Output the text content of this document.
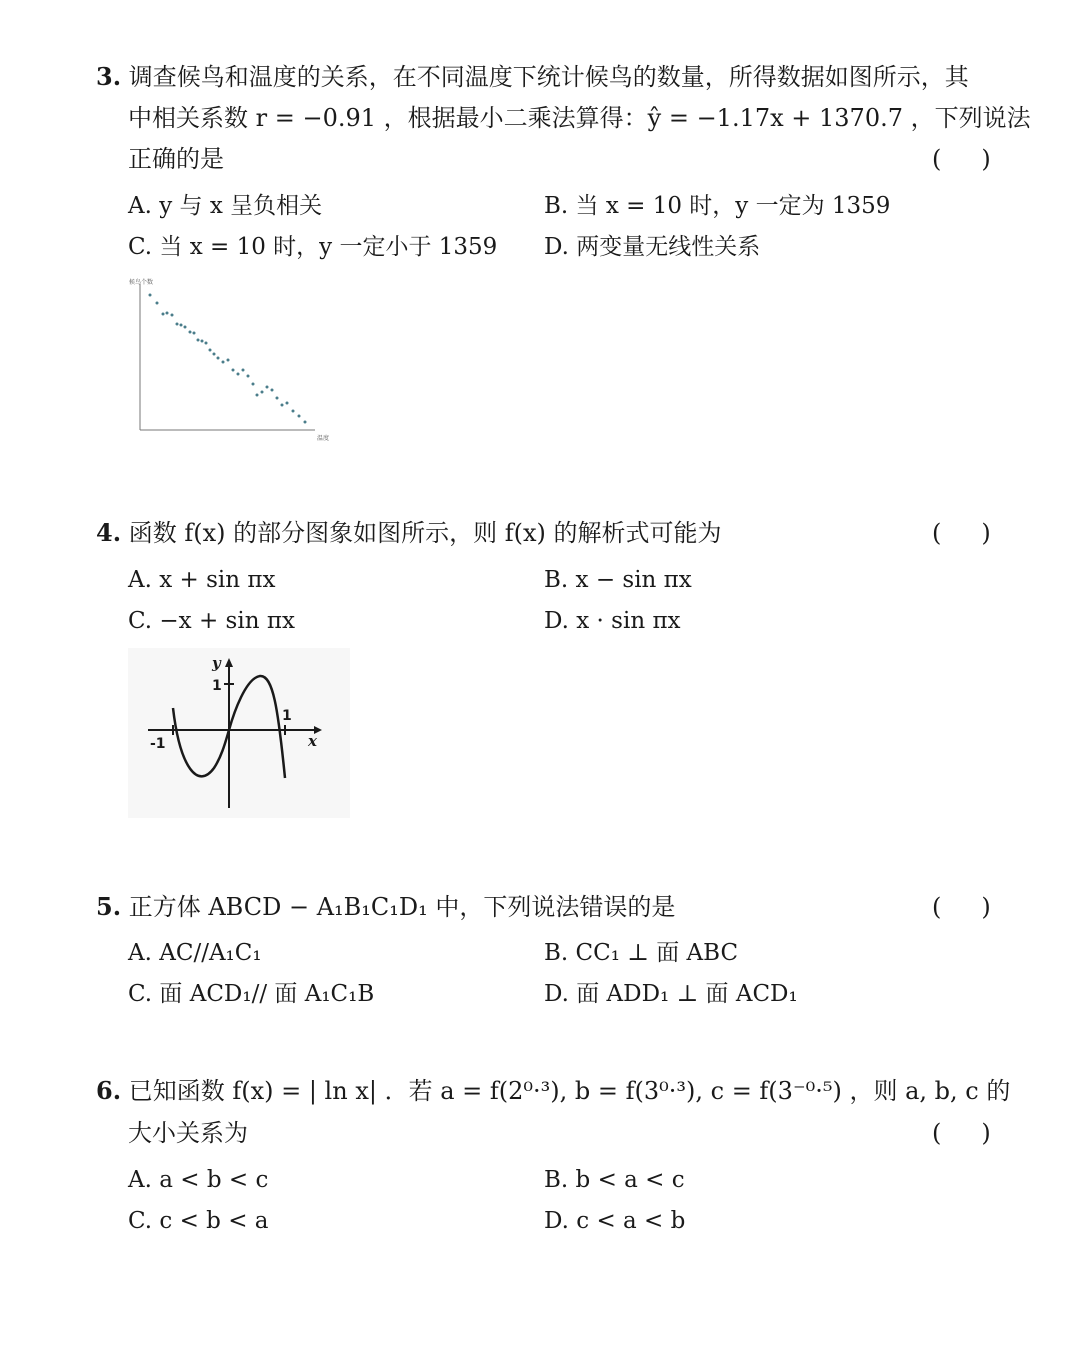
3. 调查候鸟和温度的关系，在不同温度下统计候鸟的数量，所得数据如图所示，其
中相关系数 r = −0.91 ，根据最小二乘法算得：ŷ = −1.17x + 1370.7 ，下列说法
正确的是	( )
A. y 与 x 呈负相关	B. 当 x = 10 时，y 一定为 1359
C. 当 x = 10 时，y 一定小于 1359 D. 两变量无线性关系
候鸟个数
温度
4. 函数 f(x) 的部分图象如图所示，则 f(x) 的解析式可能为	( )
A. x + sin πx	B. x − sin πx
C. −x + sin πx	D. x · sin πx
y
x
1
1
-1
5. 正方体 ABCD − A₁B₁C₁D₁ 中，下列说法错误的是	( )
A. AC//A₁C₁	B. CC₁ ⊥ 面 ABC
C. 面 ACD₁// 面 A₁C₁B	D. 面 ADD₁ ⊥ 面 ACD₁
6. 已知函数 f(x) = | ln x| ．若 a = f(2⁰·³), b = f(3⁰·³), c = f(3⁻⁰·⁵) ，则 a, b, c 的
大小关系为	( )
A. a < b < c	B. b < a < c
C. c < b < a	D. c < a < b
